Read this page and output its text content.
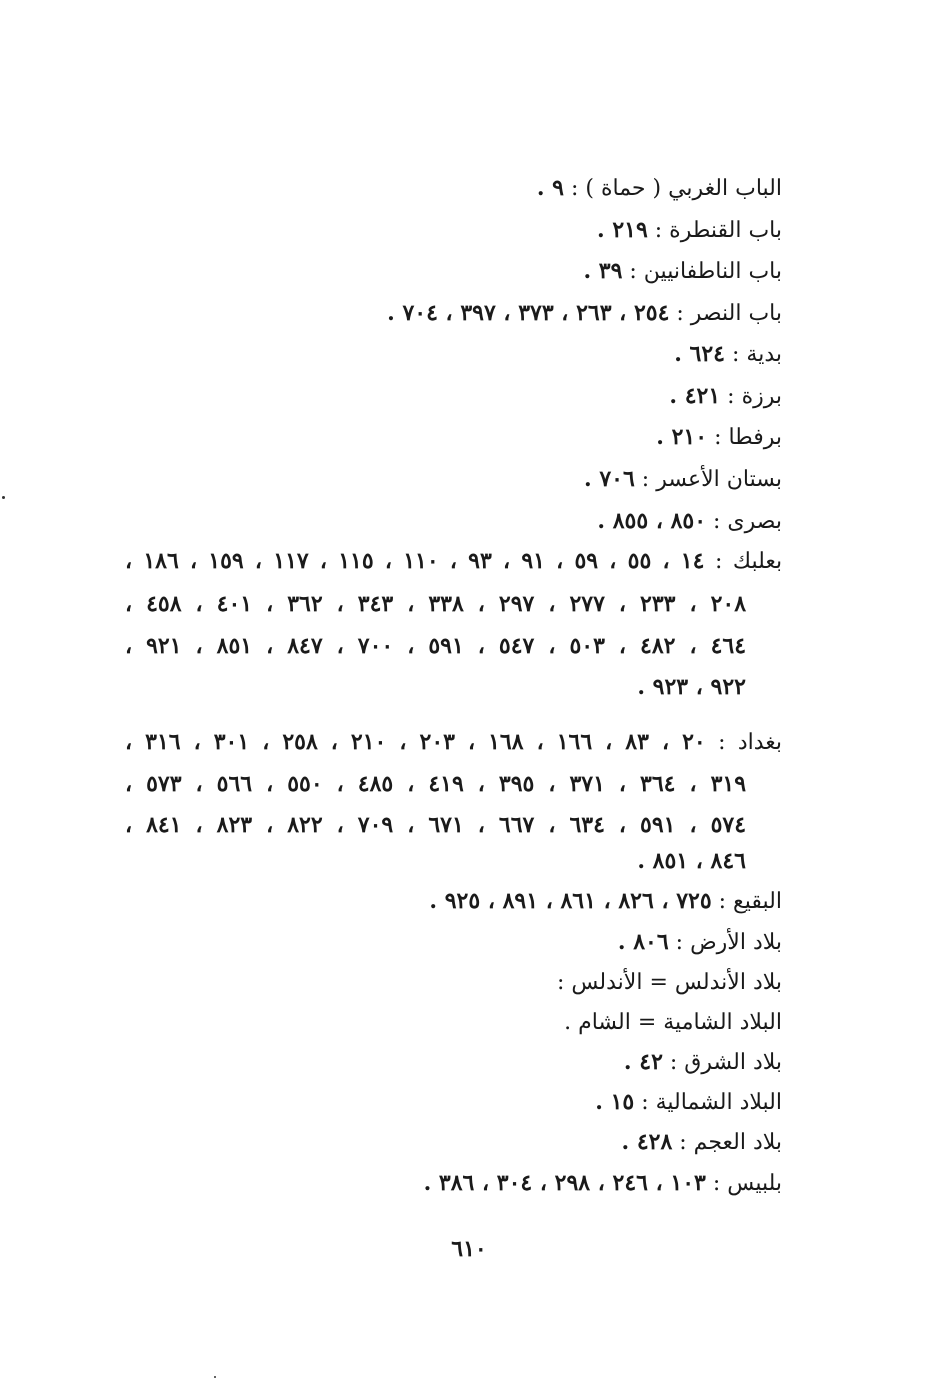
الباب الغربي ( حماة ) : ٩ .
باب القنطرة : ٢١٩ .
باب الناطفانيين : ٣٩ .
باب النصر : ٢٥٤ ، ٢٦٣ ، ٣٧٣ ، ٣٩٧ ، ٧٠٤ .
بدية : ٦٢٤ .
برزة : ٤٢١ .
برفطا : ٢١٠ .
بستان الأعسر : ٧٠٦ .
بصرى : ٨٥٠ ، ٨٥٥ .
بعلبك : ١٤ ، ٥٥ ، ٥٩ ، ٩١ ، ٩٣ ، ١١٠ ، ١١٥ ، ١١٧ ، ١٥٩ ، ١٨٦ ،
٢٠٨ ، ٢٣٣ ، ٢٧٧ ، ٢٩٧ ، ٣٣٨ ، ٣٤٣ ، ٣٦٢ ، ٤٠١ ، ٤٥٨ ،
٤٦٤ ، ٤٨٢ ، ٥٠٣ ، ٥٤٧ ، ٥٩١ ، ٧٠٠ ، ٨٤٧ ، ٨٥١ ، ٩٢١ ،
٩٢٢ ، ٩٢٣ .
بغداد : ٢٠ ، ٨٣ ، ١٦٦ ، ١٦٨ ، ٢٠٣ ، ٢١٠ ، ٢٥٨ ، ٣٠١ ، ٣١٦ ،
٣١٩ ، ٣٦٤ ، ٣٧١ ، ٣٩٥ ، ٤١٩ ، ٤٨٥ ، ٥٥٠ ، ٥٦٦ ، ٥٧٣ ،
٥٧٤ ، ٥٩١ ، ٦٣٤ ، ٦٦٧ ، ٦٧١ ، ٧٠٩ ، ٨٢٢ ، ٨٢٣ ، ٨٤١ ،
٨٤٦ ، ٨٥١ .
البقيع : ٧٢٥ ، ٨٢٦ ، ٨٦١ ، ٨٩١ ، ٩٢٥ .
بلاد الأرض : ٨٠٦ .
بلاد الأندلس = الأندلس :
البلاد الشامية = الشام .
بلاد الشرق : ٤٢ .
البلاد الشمالية : ١٥ .
بلاد العجم : ٤٢٨ .
بلبيس : ١٠٣ ، ٢٤٦ ، ٢٩٨ ، ٣٠٤ ، ٣٨٦ .
٦١٠
